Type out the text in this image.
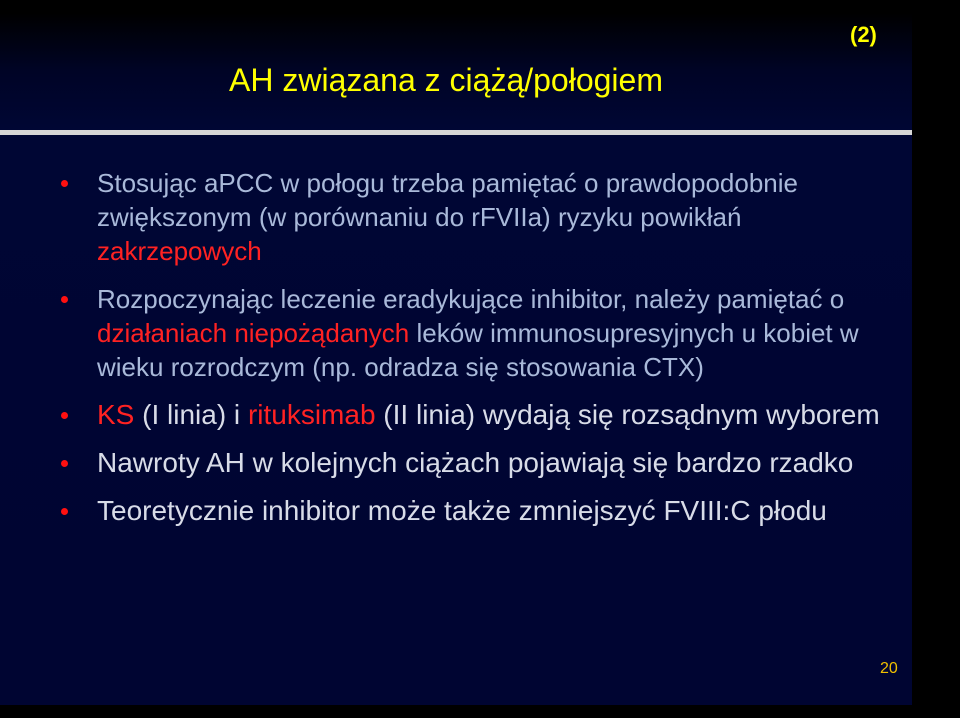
(2)
AH związana z ciążą/połogiem
Stosując aPCC w połogu trzeba pamiętać o prawdopodobnie zwiększonym (w porównaniu do rFVIIa) ryzyku powikłań zakrzepowych
Rozpoczynając leczenie eradykujące inhibitor, należy pamiętać o działaniach niepożądanych leków immunosupresyjnych u kobiet w wieku rozrodczym (np. odradza się stosowania CTX)
KS (I linia) i rituksimab (II linia) wydają się rozsądnym wyborem
Nawroty AH w kolejnych ciążach pojawiają się bardzo rzadko
Teoretycznie inhibitor może także zmniejszyć FVIII:C płodu
20
